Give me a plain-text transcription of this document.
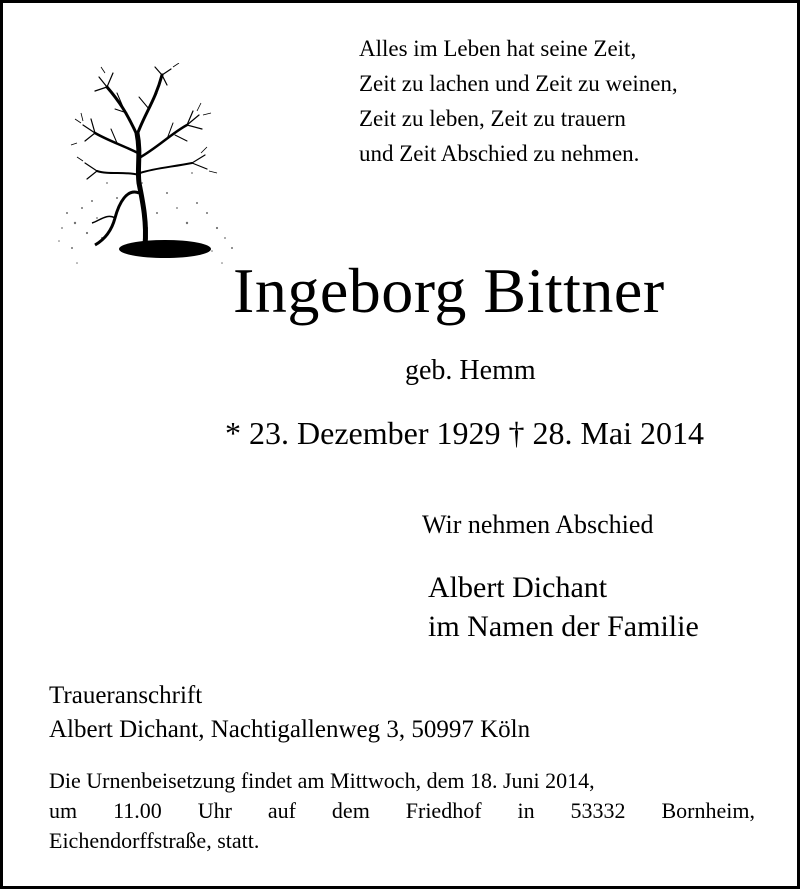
Alles im Leben hat seine Zeit,
Zeit zu lachen und Zeit zu weinen,
Zeit zu leben, Zeit zu trauern
und Zeit Abschied zu nehmen.
Ingeborg Bittner
geb. Hemm
* 23. Dezember 1929 † 28. Mai 2014
Wir nehmen Abschied
Albert Dichant
im Namen der Familie
Traueranschrift
Albert Dichant, Nachtigallenweg 3, 50997 Köln
Die Urnenbeisetzung findet am Mittwoch, dem 18. Juni 2014,
um 11.00 Uhr auf dem Friedhof in 53332 Bornheim,
Eichendorffstraße, statt.
